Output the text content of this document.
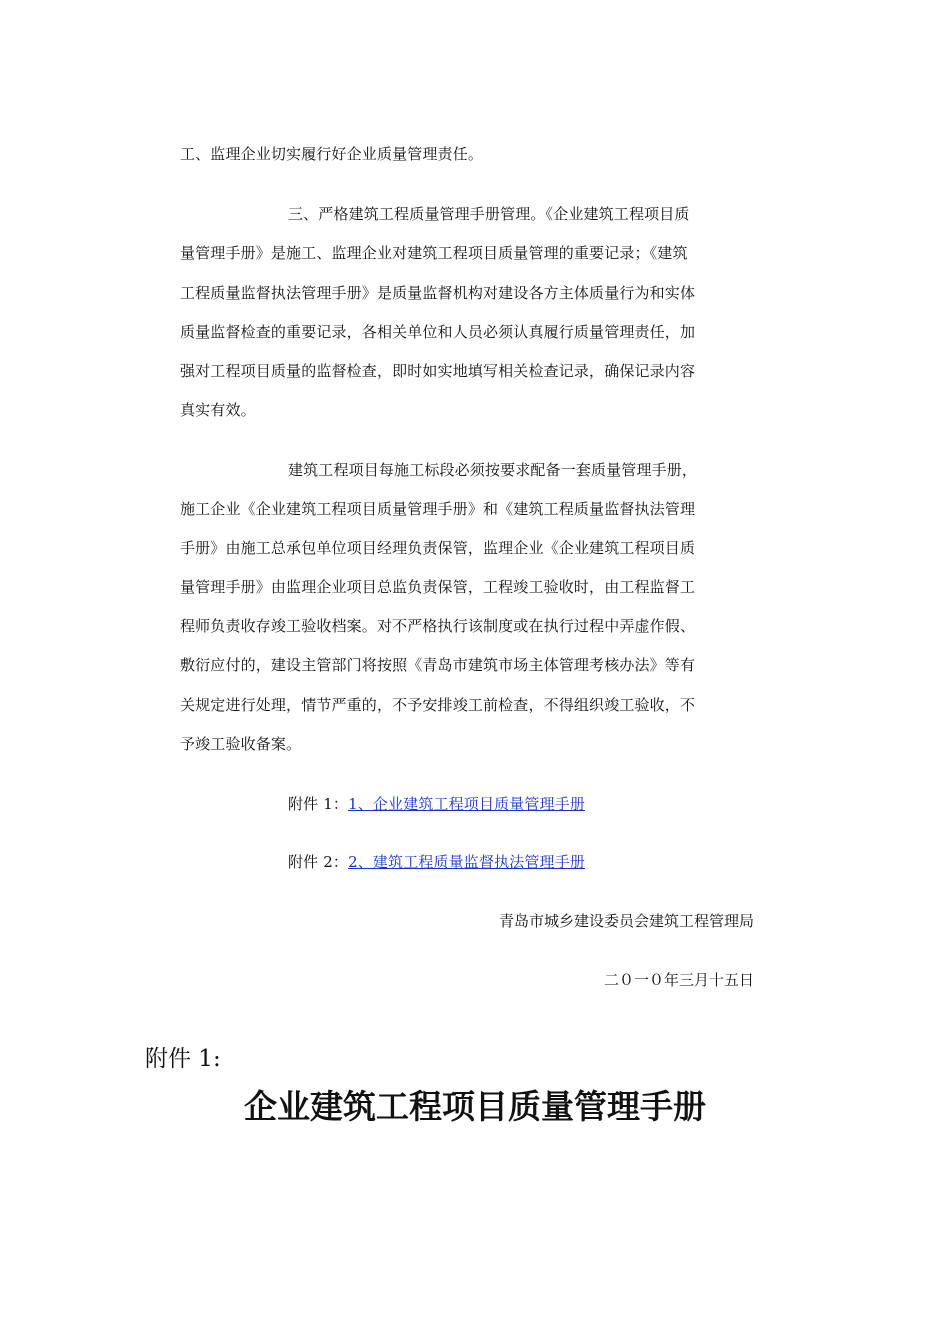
工、监理企业切实履行好企业质量管理责任。
三、严格建筑工程质量管理手册管理。《企业建筑工程项目质
量管理手册》是施工、监理企业对建筑工程项目质量管理的重要记录；《建筑
工程质量监督执法管理手册》是质量监督机构对建设各方主体质量行为和实体
质量监督检查的重要记录，各相关单位和人员必须认真履行质量管理责任，加
强对工程项目质量的监督检查，即时如实地填写相关检查记录，确保记录内容
真实有效。
建筑工程项目每施工标段必须按要求配备一套质量管理手册，
施工企业《企业建筑工程项目质量管理手册》和《建筑工程质量监督执法管理
手册》由施工总承包单位项目经理负责保管，监理企业《企业建筑工程项目质
量管理手册》由监理企业项目总监负责保管，工程竣工验收时，由工程监督工
程师负责收存竣工验收档案。对不严格执行该制度或在执行过程中弄虚作假、
敷衍应付的，建设主管部门将按照《青岛市建筑市场主体管理考核办法》等有
关规定进行处理，情节严重的，不予安排竣工前检查，不得组织竣工验收，不
予竣工验收备案。
附件 1：1、企业建筑工程项目质量管理手册
附件 2：2、建筑工程质量监督执法管理手册
青岛市城乡建设委员会建筑工程管理局
二０一０年三月十五日
附件 1:
企业建筑工程项目质量管理手册
